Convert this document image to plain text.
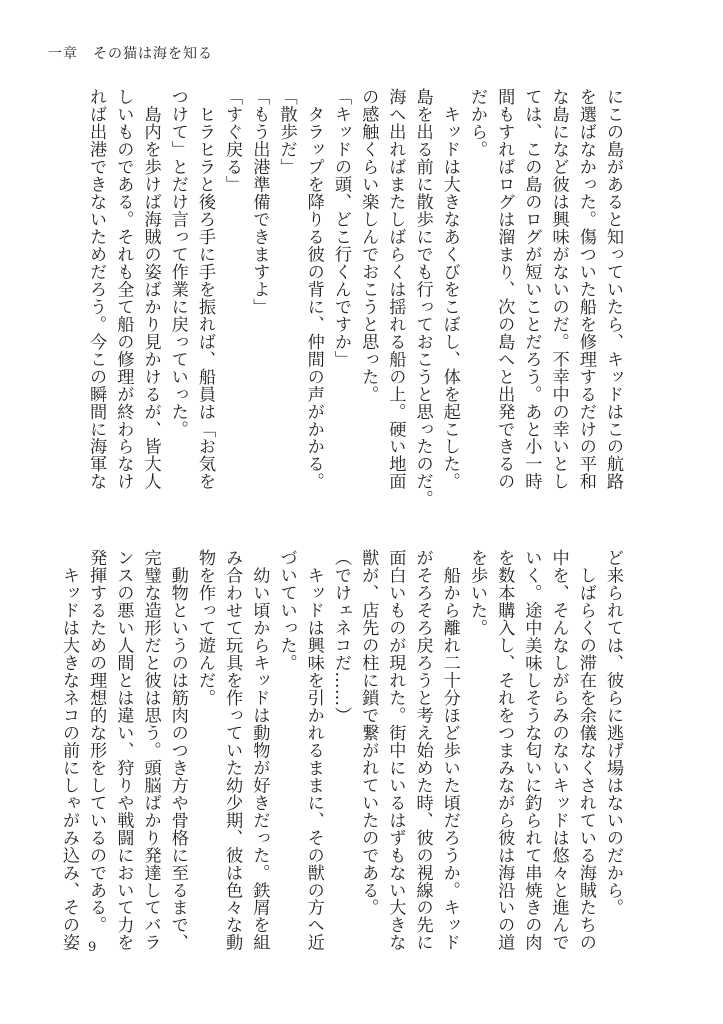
一章　その猫は海を知る
にこの島があると知っていたら、キッドはこの航路
を選ばなかった。傷ついた船を修理するだけの平和
な島になど彼は興味がないのだ。不幸中の幸いとし
ては、この島のログが短いことだろう。あと小一時
間もすればログは溜まり、次の島へと出発できるの
だから。
　キッドは大きなあくびをこぼし、体を起こした。
島を出る前に散歩にでも行っておこうと思ったのだ。
海へ出ればまたしばらくは揺れる船の上。硬い地面
の感触くらい楽しんでおこうと思った。
「キッドの頭、どこ行くんですか」
　タラップを降りる彼の背に、仲間の声がかかる。
「散歩だ」
「もう出港準備できますよ」
「すぐ戻る」
　ヒラヒラと後ろ手に手を振れば、船員は「お気を
つけて」とだけ言って作業に戻っていった。
　島内を歩けば海賊の姿ばかり見かけるが、皆大人
しいものである。それも全て船の修理が終わらなけ
れば出港できないためだろう。今この瞬間に海軍な
ど来られては、彼らに逃げ場はないのだから。
　しばらくの滞在を余儀なくされている海賊たちの
中を、そんなしがらみのないキッドは悠々と進んで
いく。途中美味しそうな匂いに釣られて串焼きの肉
を数本購入し、それをつまみながら彼は海沿いの道
を歩いた。
　船から離れ二十分ほど歩いた頃だろうか。キッド
がそろそろ戻ろうと考え始めた時、彼の視線の先に
面白いものが現れた。街中にいるはずもない大きな
獣が、店先の柱に鎖で繋がれていたのである。
（でけェネコだ……）
　キッドは興味を引かれるままに、その獣の方へ近
づいていった。
　幼い頃からキッドは動物が好きだった。鉄屑を組
み合わせて玩具を作っていた幼少期、彼は色々な動
物を作って遊んだ。
　動物というのは筋肉のつき方や骨格に至るまで、
完璧な造形だと彼は思う。頭脳ばかり発達してバラ
ンスの悪い人間とは違い、狩りや戦闘において力を
発揮するための理想的な形をしているのである。
　キッドは大きなネコの前にしゃがみ込み、その姿 9
